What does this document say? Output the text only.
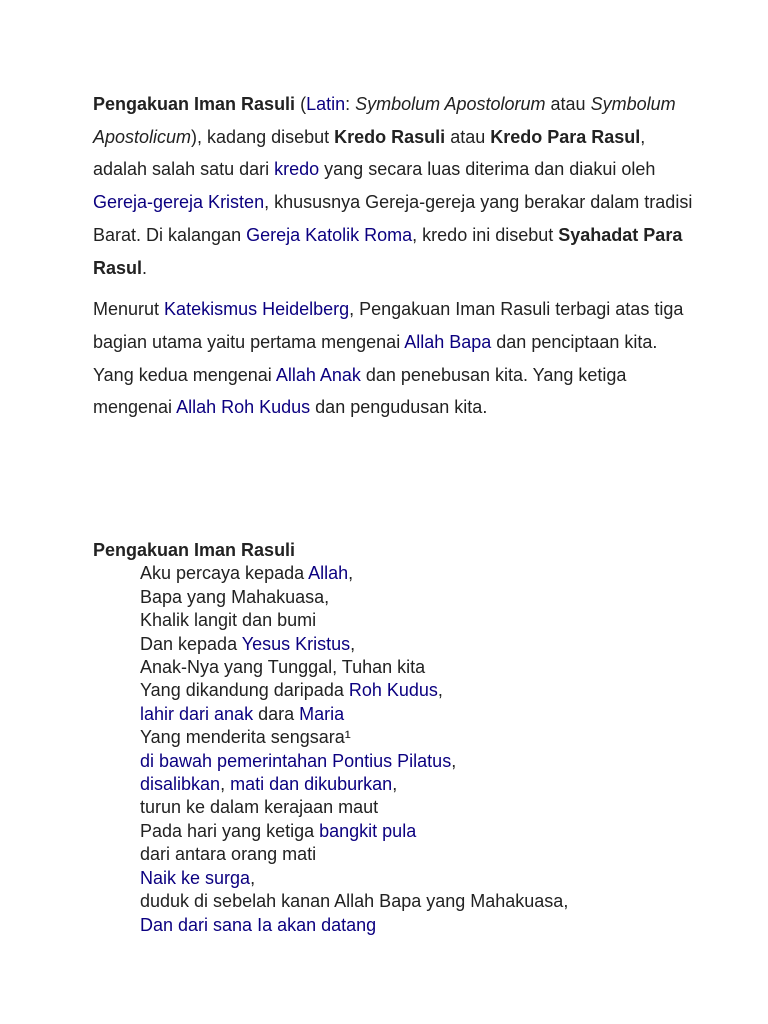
Pengakuan Iman Rasuli (Latin: Symbolum Apostolorum atau Symbolum Apostolicum), kadang disebut Kredo Rasuli atau Kredo Para Rasul, adalah salah satu dari kredo yang secara luas diterima dan diakui oleh Gereja-gereja Kristen, khususnya Gereja-gereja yang berakar dalam tradisi Barat. Di kalangan Gereja Katolik Roma, kredo ini disebut Syahadat Para Rasul.

Menurut Katekismus Heidelberg, Pengakuan Iman Rasuli terbagi atas tiga bagian utama yaitu pertama mengenai Allah Bapa dan penciptaan kita. Yang kedua mengenai Allah Anak dan penebusan kita. Yang ketiga mengenai Allah Roh Kudus dan pengudusan kita.

Pengakuan Iman Rasuli

Aku percaya kepada Allah,
Bapa yang Mahakuasa,
Khalik langit dan bumi
Dan kepada Yesus Kristus,
Anak-Nya yang Tunggal, Tuhan kita
Yang dikandung daripada Roh Kudus,
lahir dari anak dara Maria
Yang menderita sengsara¹
di bawah pemerintahan Pontius Pilatus,
disalibkan, mati dan dikuburkan,
turun ke dalam kerajaan maut
Pada hari yang ketiga bangkit pula
dari antara orang mati
Naik ke surga,
duduk di sebelah kanan Allah Bapa yang Mahakuasa,
Dan dari sana Ia akan datang
